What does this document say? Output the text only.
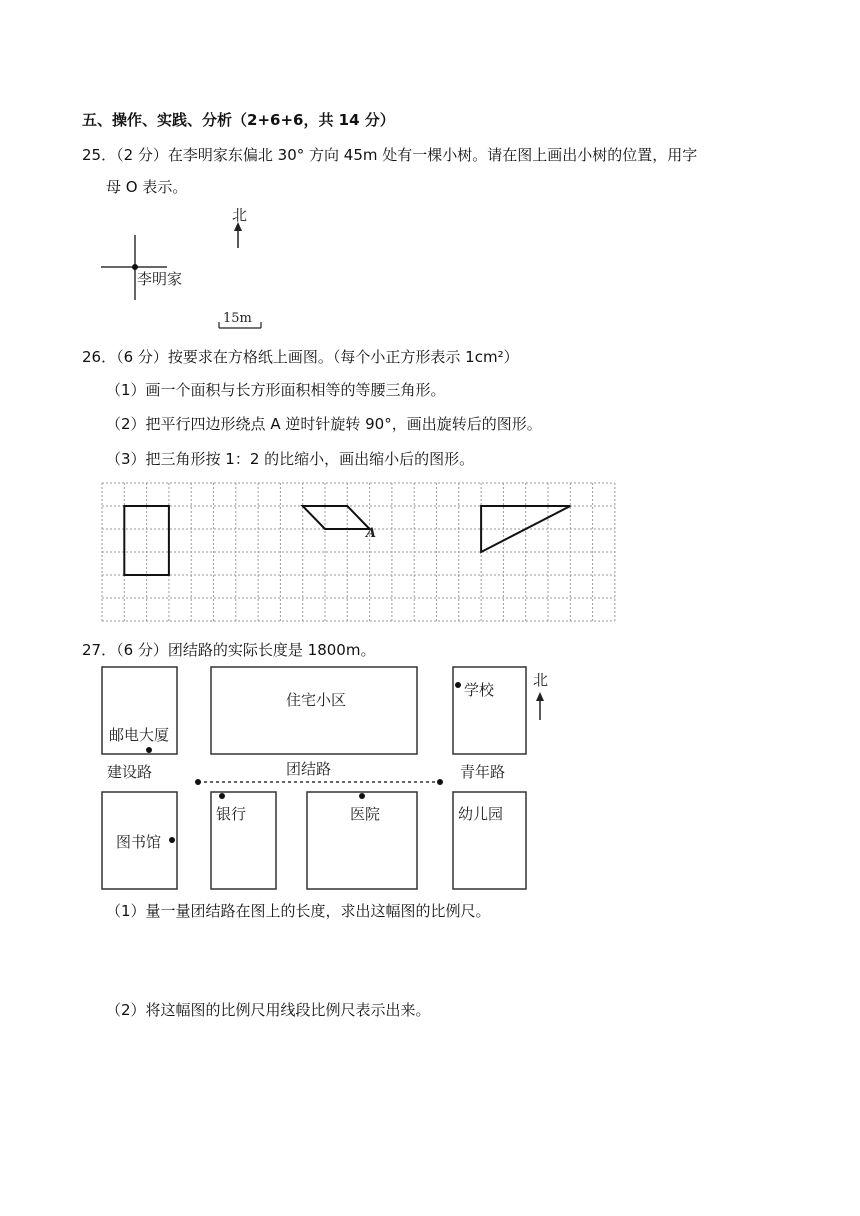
五、操作、实践、分析（2+6+6，共 14 分）
25．（2 分）在李明家东偏北 30° 方向 45m 处有一棵小树。请在图上画出小树的位置，用字
母 O 表示。
北
李明家
15m
26．（6 分）按要求在方格纸上画图。（每个小正方形表示 1cm²）
（1）画一个面积与长方形面积相等的等腰三角形。
（2）把平行四边形绕点 A 逆时针旋转 90°，画出旋转后的图形。
（3）把三角形按 1：2 的比缩小，画出缩小后的图形。
A
27．（6 分）团结路的实际长度是 1800m。
住宅小区
学校
北
邮电大厦
建设路	团结路	青年路
银行	医院	幼儿园
图书馆
（1）量一量团结路在图上的长度，求出这幅图的比例尺。
（2）将这幅图的比例尺用线段比例尺表示出来。
